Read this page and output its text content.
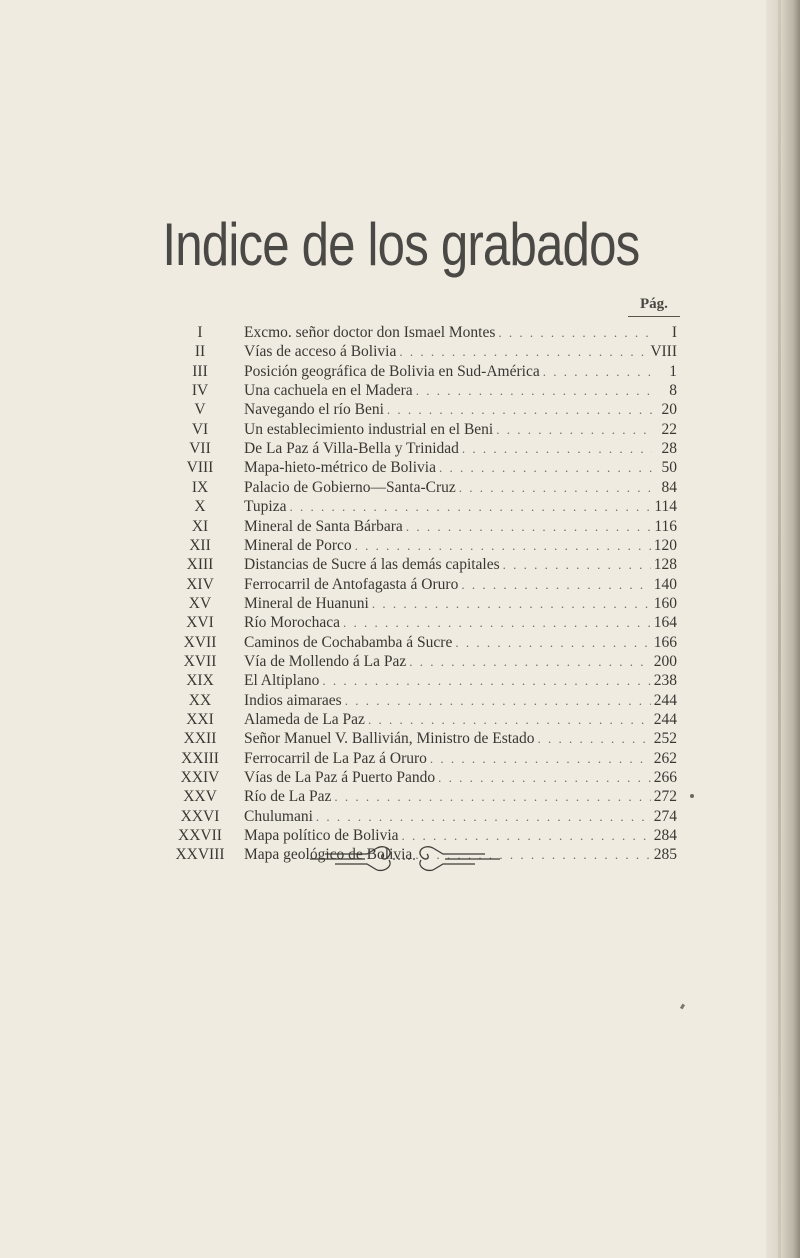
Indice de los grabados
Pág.
I	Excmo. señor doctor don Ismael Montes . . .	I
II	Vías de acceso á Bolivia . . .	VIII
III	Posición geográfica de Bolivia en Sud-América . . .	1
IV	Una cachuela en el Madera . . .	8
V	Navegando el río Beni . . .	20
VI	Un establecimiento industrial en el Beni . . .	22
VII	De La Paz á Villa-Bella y Trinidad . . .	28
VIII	Mapa-hieto-métrico de Bolivia . . .	50
IX	Palacio de Gobierno—Santa-Cruz . . .	84
X	Tupiza . . .	114
XI	Mineral de Santa Bárbara . . .	116
XII	Mineral de Porco . . .	120
XIII	Distancias de Sucre á las demás capitales . . .	128
XIV	Ferrocarril de Antofagasta á Oruro . . .	140
XV	Mineral de Huanuni . . .	160
XVI	Río Morochaca . . .	164
XVII	Caminos de Cochabamba á Sucre . . .	166
XVII	Vía de Mollendo á La Paz . . .	200
XIX	El Altiplano . . .	238
XX	Indios aimaraes . . .	244
XXI	Alameda de La Paz . . .	244
XXII	Señor Manuel V. Ballivián, Ministro de Estado . . .	252
XXIII	Ferrocarril de La Paz á Oruro . . .	262
XXIV	Vías de La Paz á Puerto Pando . . .	266
XXV	Río de La Paz . . .	272
XXVI	Chulumani . . .	274
XXVII	Mapa político de Bolivia . . .	284
XXVIII	Mapa geológico de Bolivia . . .	285
